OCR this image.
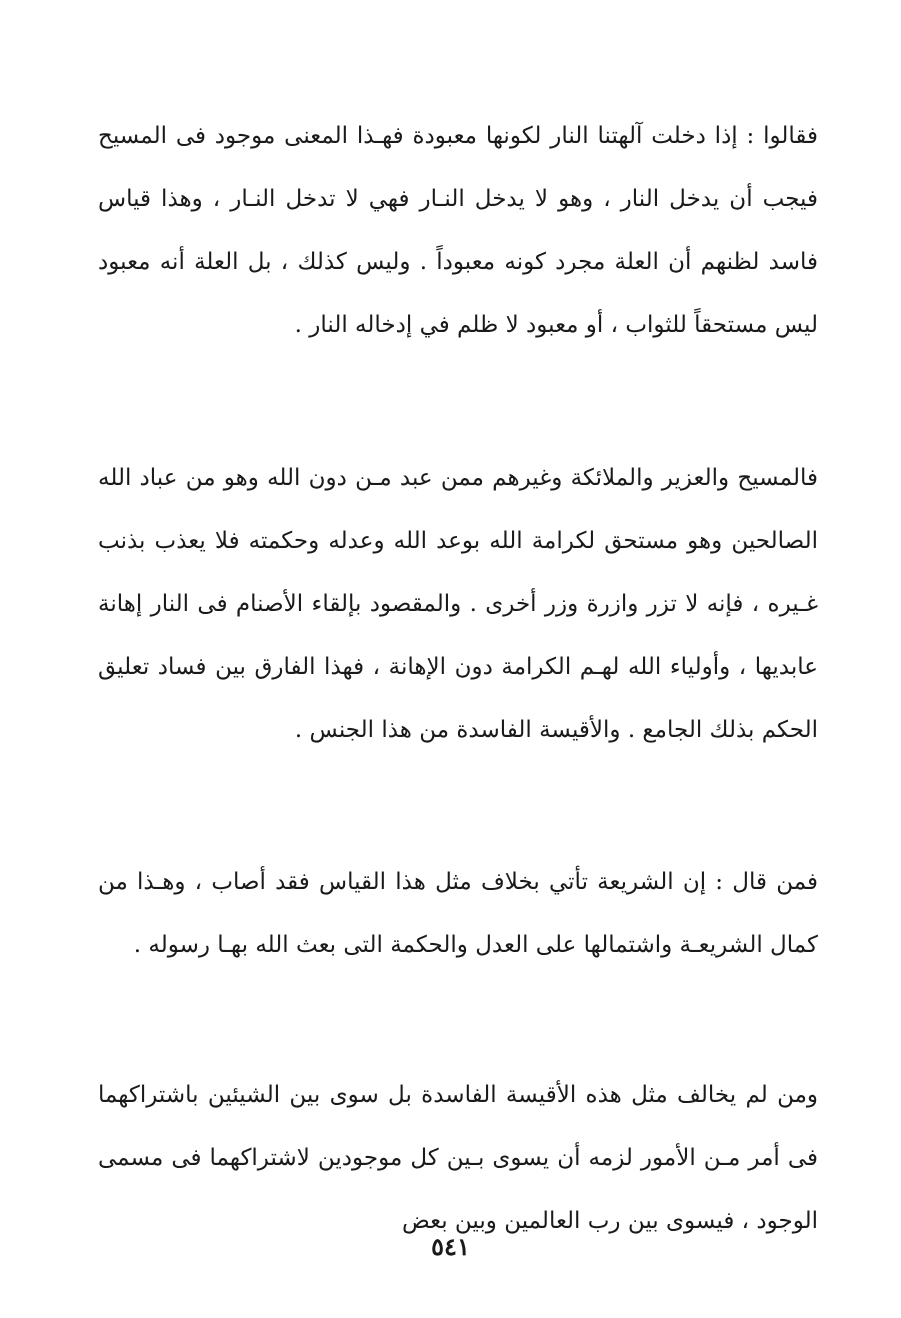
فقالوا : إذا دخلت آلهتنا النار لكونها معبودة فهـذا المعنى موجود فى المسيح فيجب أن يدخل النار ، وهو لا يدخل النـار فهي لا تدخل النـار ، وهذا قياس فاسد لظنهم أن العلة مجرد كونه معبوداً . وليس كذلك ، بل العلة أنه معبود ليس مستحقاً للثواب ، أو معبود لا ظلم في إدخاله النار .

فالمسيح والعزير والملائكة وغيرهم ممن عبد مـن دون الله وهو من عباد الله الصالحين وهو مستحق لكرامة الله بوعد الله وعدله وحكمته فلا يعذب بذنب غـيره ، فإنه لا تزر وازرة وزر أخرى . والمقصود بإلقاء الأصنام فى النار إهانة عابديها ، وأولياء الله لهـم الكرامة دون الإهانة ، فهذا الفارق بين فساد تعليق الحكم بذلك الجامع . والأقيسة الفاسدة من هذا الجنس .

فمن قال : إن الشريعة تأتي بخلاف مثل هذا القياس فقد أصاب ، وهـذا من كمال الشريعـة واشتمالها على العدل والحكمة التى بعث الله بهـا رسوله .

ومن لم يخالف مثل هذه الأقيسة الفاسدة بل سوى بين الشيئين باشتراكهما فى أمر مـن الأمور لزمه أن يسوى بـين كل موجودين لاشتراكهما فى مسمى الوجود ، فيسوى بين رب العالمين وبين بعض

٥٤١
